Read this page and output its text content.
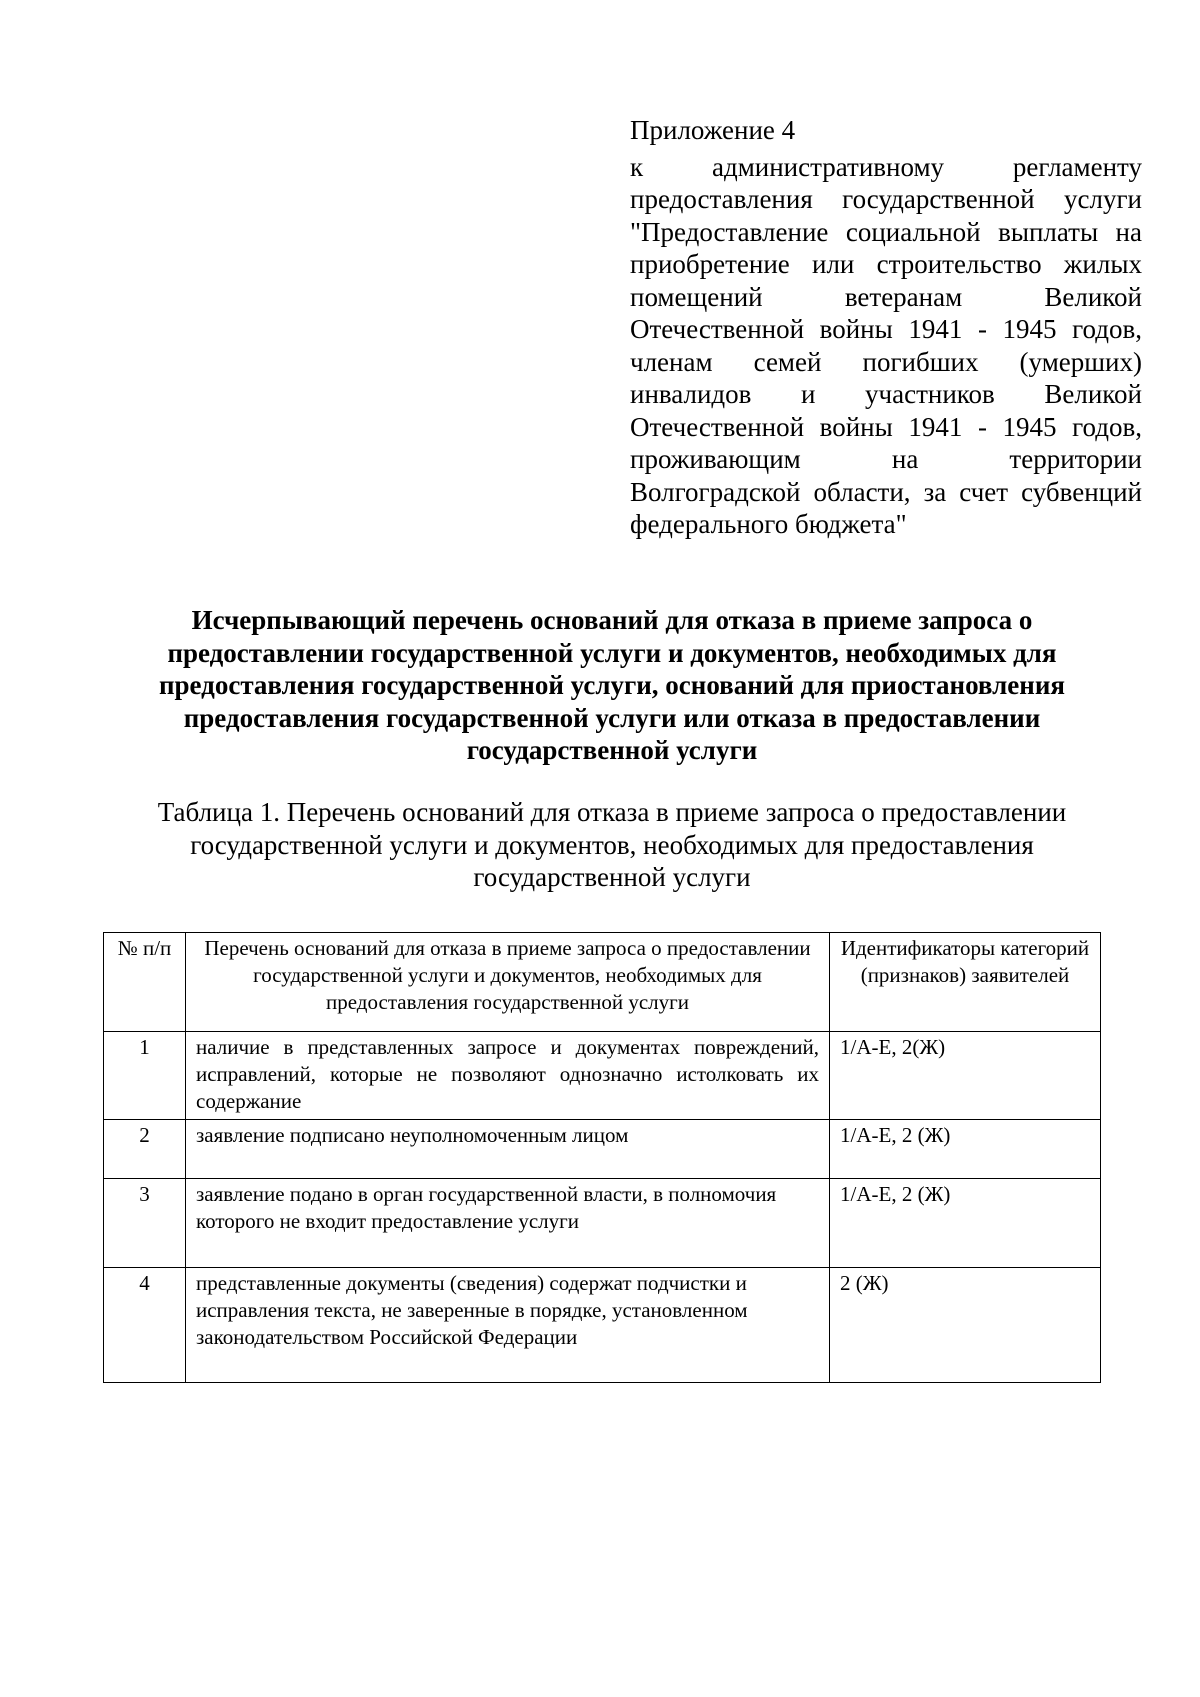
Приложение 4
к административному регламенту предоставления государственной услуги "Предоставление социальной выплаты на приобретение или строительство жилых помещений ветеранам Великой Отечественной войны 1941 - 1945 годов, членам семей погибших (умерших) инвалидов и участников Великой Отечественной войны 1941 - 1945 годов, проживающим на территории Волгоградской области, за счет субвенций федерального бюджета"
Исчерпывающий перечень оснований для отказа в приеме запроса о предоставлении государственной услуги и документов, необходимых для предоставления государственной услуги, оснований для приостановления предоставления государственной услуги или отказа в предоставлении государственной услуги
Таблица 1. Перечень оснований для отказа в приеме запроса о предоставлении государственной услуги и документов, необходимых для предоставления государственной услуги
№ п/п	Перечень оснований для отказа в приеме запроса о предоставлении государственной услуги и документов, необходимых для предоставления государственной услуги	Идентификаторы категорий (признаков) заявителей
1	наличие в представленных запросе и документах повреждений, исправлений, которые не позволяют однозначно истолковать их содержание	1/А-Е, 2(Ж)
2	заявление подписано неуполномоченным лицом	1/А-Е, 2 (Ж)
3	заявление подано в орган государственной власти, в полномочия которого не входит предоставление услуги	1/А-Е, 2 (Ж)
4	представленные документы (сведения) содержат подчистки и исправления текста, не заверенные в порядке, установленном законодательством Российской Федерации	2 (Ж)
